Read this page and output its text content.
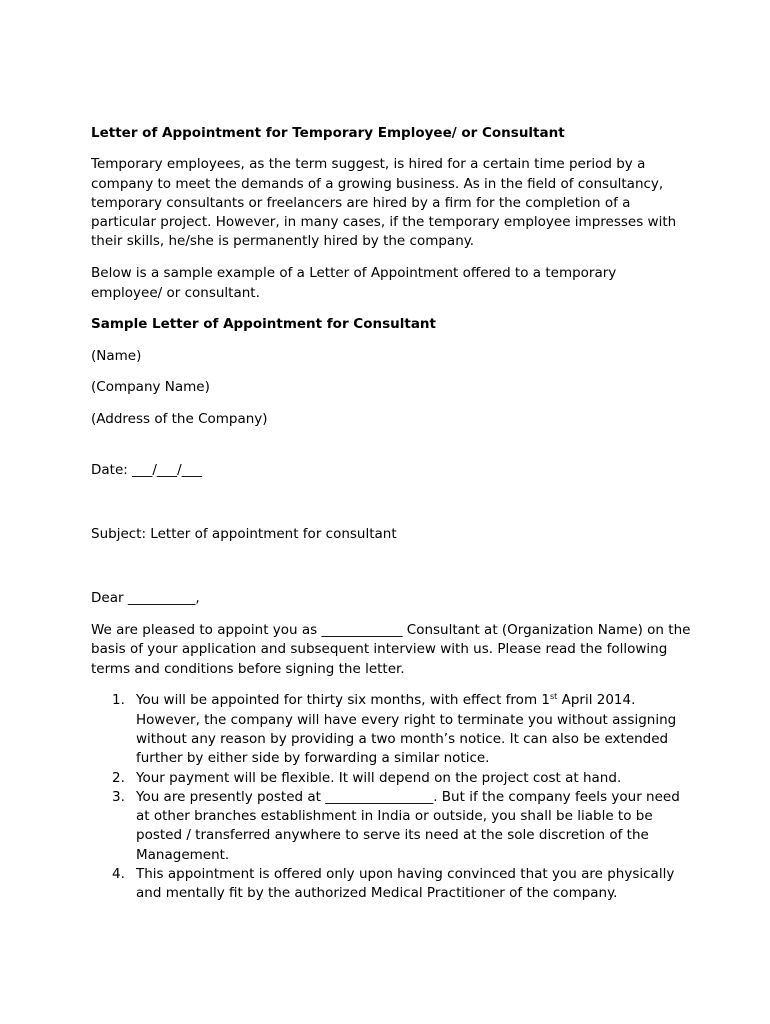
Letter of Appointment for Temporary Employee/ or Consultant

Temporary employees, as the term suggest, is hired for a certain time period by a company to meet the demands of a growing business. As in the field of consultancy, temporary consultants or freelancers are hired by a firm for the completion of a particular project. However, in many cases, if the temporary employee impresses with their skills, he/she is permanently hired by the company.

Below is a sample example of a Letter of Appointment offered to a temporary employee/ or consultant.

Sample Letter of Appointment for Consultant

(Name)

(Company Name)

(Address of the Company)

Date: ___/___/___

Subject: Letter of appointment for consultant

Dear __________,

We are pleased to appoint you as ____________ Consultant at (Organization Name) on the basis of your application and subsequent interview with us. Please read the following terms and conditions before signing the letter.

1. You will be appointed for thirty six months, with effect from 1st April 2014. However, the company will have every right to terminate you without assigning without any reason by providing a two month’s notice. It can also be extended further by either side by forwarding a similar notice.
2. Your payment will be flexible. It will depend on the project cost at hand.
3. You are presently posted at ________________. But if the company feels your need at other branches establishment in India or outside, you shall be liable to be posted / transferred anywhere to serve its need at the sole discretion of the Management.
4. This appointment is offered only upon having convinced that you are physically and mentally fit by the authorized Medical Practitioner of the company.
